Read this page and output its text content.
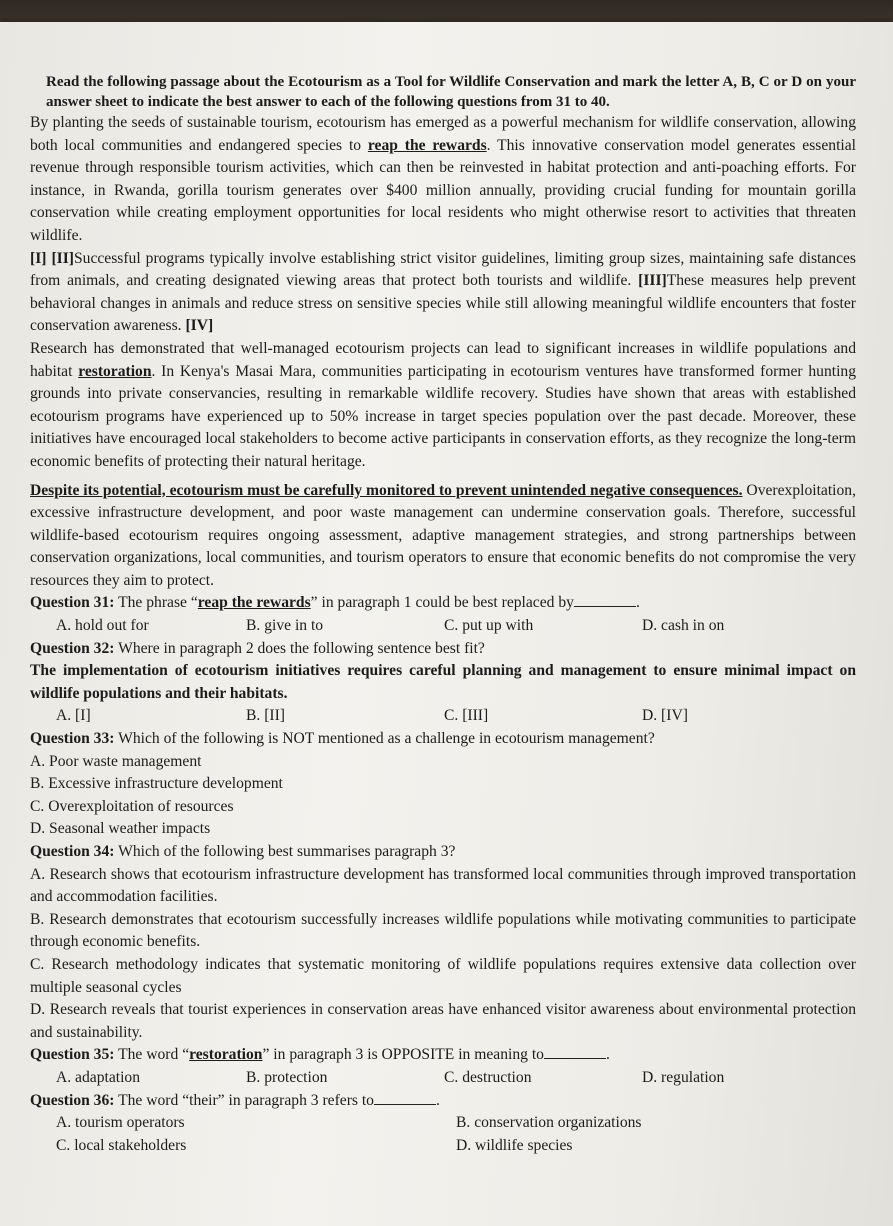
Read the following passage about the Ecotourism as a Tool for Wildlife Conservation and mark the letter A, B, C or D on your answer sheet to indicate the best answer to each of the following questions from 31 to 40.

By planting the seeds of sustainable tourism, ecotourism has emerged as a powerful mechanism for wildlife conservation, allowing both local communities and endangered species to reap the rewards. This innovative conservation model generates essential revenue through responsible tourism activities, which can then be reinvested in habitat protection and anti-poaching efforts. For instance, in Rwanda, gorilla tourism generates over $400 million annually, providing crucial funding for mountain gorilla conservation while creating employment opportunities for local residents who might otherwise resort to activities that threaten wildlife.

[I] [II]Successful programs typically involve establishing strict visitor guidelines, limiting group sizes, maintaining safe distances from animals, and creating designated viewing areas that protect both tourists and wildlife. [III]These measures help prevent behavioral changes in animals and reduce stress on sensitive species while still allowing meaningful wildlife encounters that foster conservation awareness. [IV]

Research has demonstrated that well-managed ecotourism projects can lead to significant increases in wildlife populations and habitat restoration. In Kenya's Masai Mara, communities participating in ecotourism ventures have transformed former hunting grounds into private conservancies, resulting in remarkable wildlife recovery. Studies have shown that areas with established ecotourism programs have experienced up to 50% increase in target species population over the past decade. Moreover, these initiatives have encouraged local stakeholders to become active participants in conservation efforts, as they recognize the long-term economic benefits of protecting their natural heritage.

Despite its potential, ecotourism must be carefully monitored to prevent unintended negative consequences. Overexploitation, excessive infrastructure development, and poor waste management can undermine conservation goals. Therefore, successful wildlife-based ecotourism requires ongoing assessment, adaptive management strategies, and strong partnerships between conservation organizations, local communities, and tourism operators to ensure that economic benefits do not compromise the very resources they aim to protect.

Question 31: The phrase “reap the rewards” in paragraph 1 could be best replaced by	.

A. hold out for	B. give in to	C. put up with	D. cash in on

Question 32: Where in paragraph 2 does the following sentence best fit?

The implementation of ecotourism initiatives requires careful planning and management to ensure minimal impact on wildlife populations and their habitats.

A. [I]	B. [II]	C. [III]	D. [IV]

Question 33: Which of the following is NOT mentioned as a challenge in ecotourism management?

A. Poor waste management

B. Excessive infrastructure development

C. Overexploitation of resources

D. Seasonal weather impacts

Question 34: Which of the following best summarises paragraph 3?

A. Research shows that ecotourism infrastructure development has transformed local communities through improved transportation and accommodation facilities.

B. Research demonstrates that ecotourism successfully increases wildlife populations while motivating communities to participate through economic benefits.

C. Research methodology indicates that systematic monitoring of wildlife populations requires extensive data collection over multiple seasonal cycles

D. Research reveals that tourist experiences in conservation areas have enhanced visitor awareness about environmental protection and sustainability.

Question 35: The word “restoration” in paragraph 3 is OPPOSITE in meaning to	.

A. adaptation	B. protection	C. destruction	D. regulation

Question 36: The word “their” in paragraph 3 refers to	.

A. tourism operators	B. conservation organizations
C. local stakeholders	D. wildlife species
